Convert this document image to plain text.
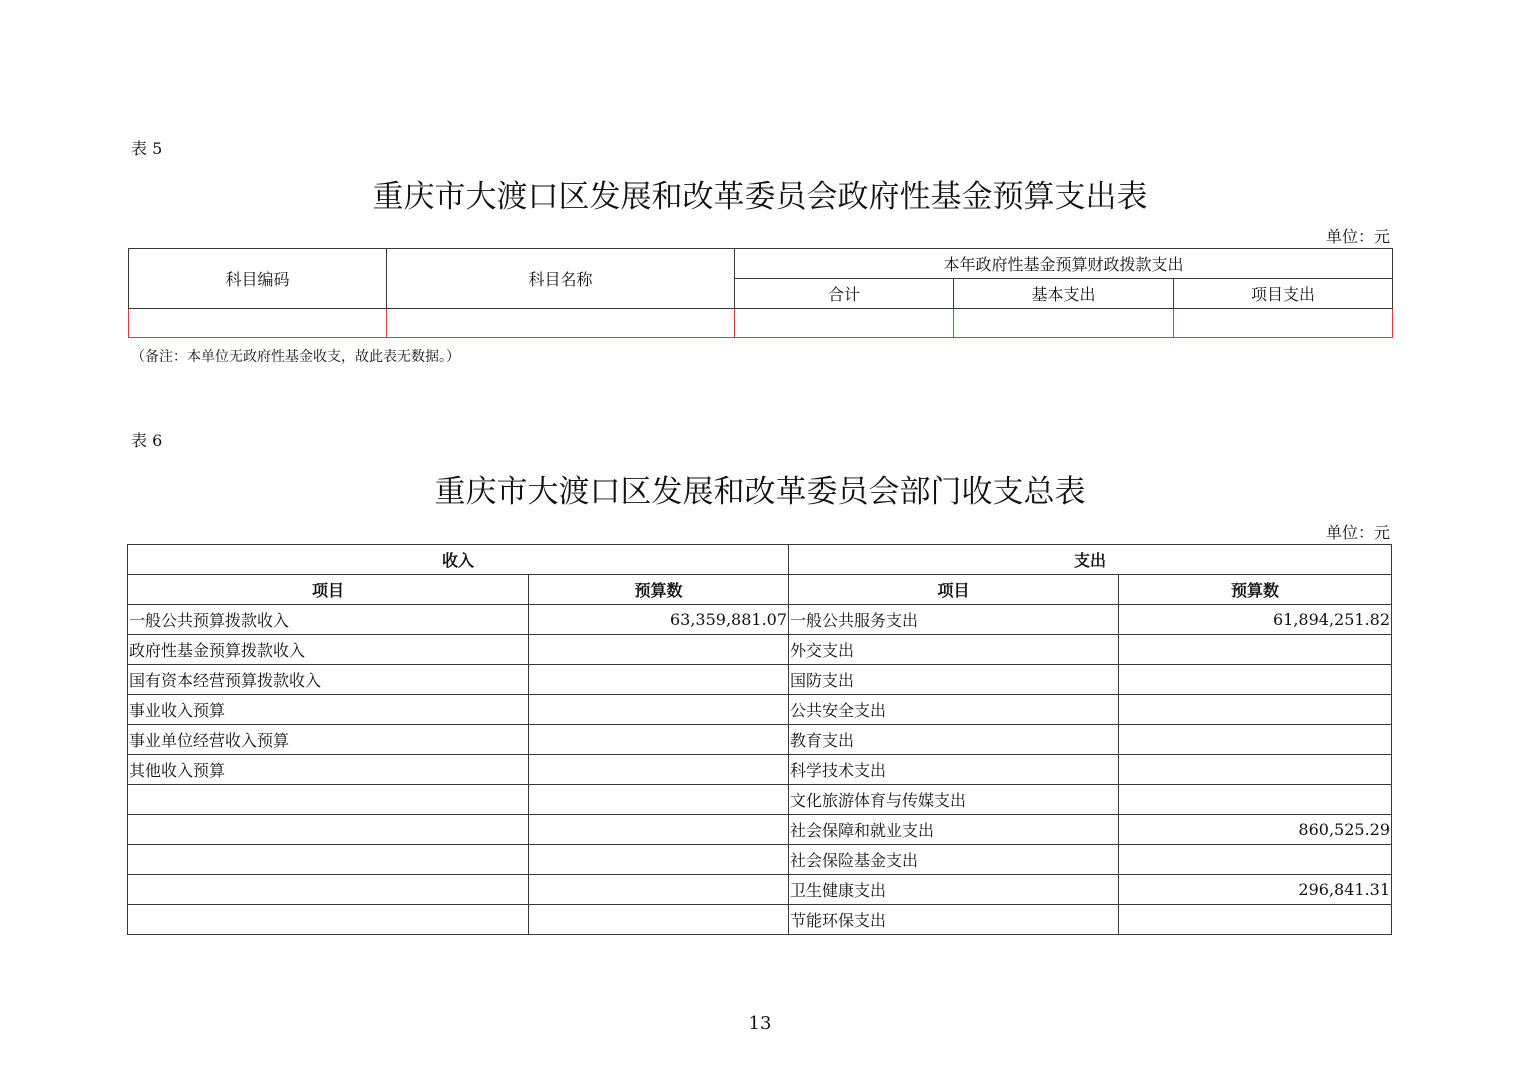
表 5
重庆市大渡口区发展和改革委员会政府性基金预算支出表
单位：元
科目编码	科目名称	本年政府性基金预算财政拨款支出		
		合计	基本支出	项目支出

（备注：本单位无政府性基金收支，故此表无数据。）
表 6
重庆市大渡口区发展和改革委员会部门收支总表
单位：元
收入		支出	
项目	预算数	项目	预算数
一般公共预算拨款收入	63,359,881.07	一般公共服务支出	61,894,251.82
政府性基金预算拨款收入		外交支出	
国有资本经营预算拨款收入		国防支出	
事业收入预算		公共安全支出	
事业单位经营收入预算		教育支出	
其他收入预算		科学技术支出	
		文化旅游体育与传媒支出	
		社会保障和就业支出	860,525.29
		社会保险基金支出	
		卫生健康支出	296,841.31
		节能环保支出	
13
